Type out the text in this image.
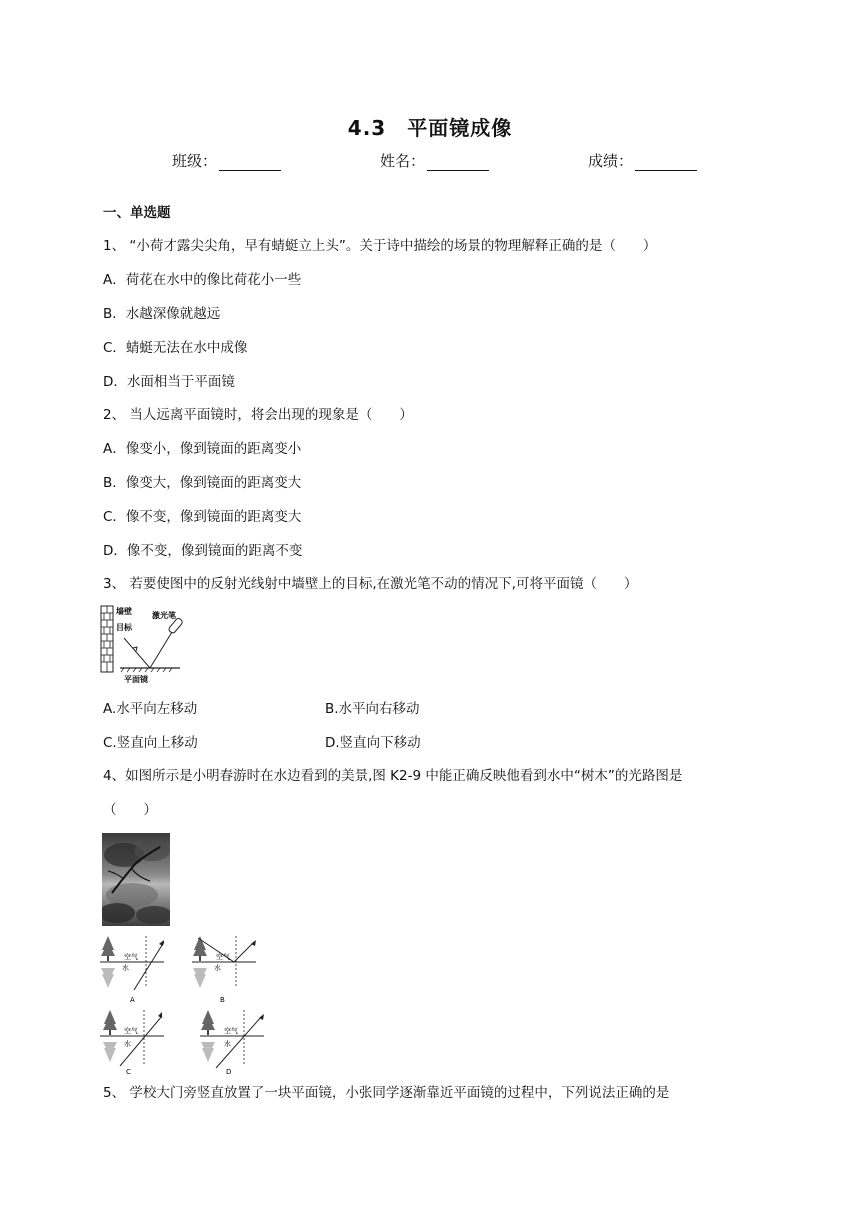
4.3　平面镜成像
班级：	姓名：	成绩：
一、单选题
1、 “小荷才露尖尖角，早有蜻蜓立上头”。关于诗中描绘的场景的物理解释正确的是（　　）
A．荷花在水中的像比荷花小一些
B．水越深像就越远
C．蜻蜓无法在水中成像
D．水面相当于平面镜
2、 当人远离平面镜时，将会出现的现象是（　　）
A．像变小，像到镜面的距离变小
B．像变大，像到镜面的距离变大
C．像不变，像到镜面的距离变大
D．像不变，像到镜面的距离不变
3、 若要使图中的反射光线射中墙壁上的目标,在激光笔不动的情况下,可将平面镜（　　）
墙壁
目标
激光笔
平面镜
A.水平向左移动	B.水平向右移动
C.竖直向上移动	D.竖直向下移动
4、如图所示是小明春游时在水边看到的美景,图 K2-9 中能正确反映他看到水中“树木”的光路图是
（　　）
空气
水
A
空气
水
B
空气
水
C
空气
水
D
5、 学校大门旁竖直放置了一块平面镜，小张同学逐渐靠近平面镜的过程中，下列说法正确的是
